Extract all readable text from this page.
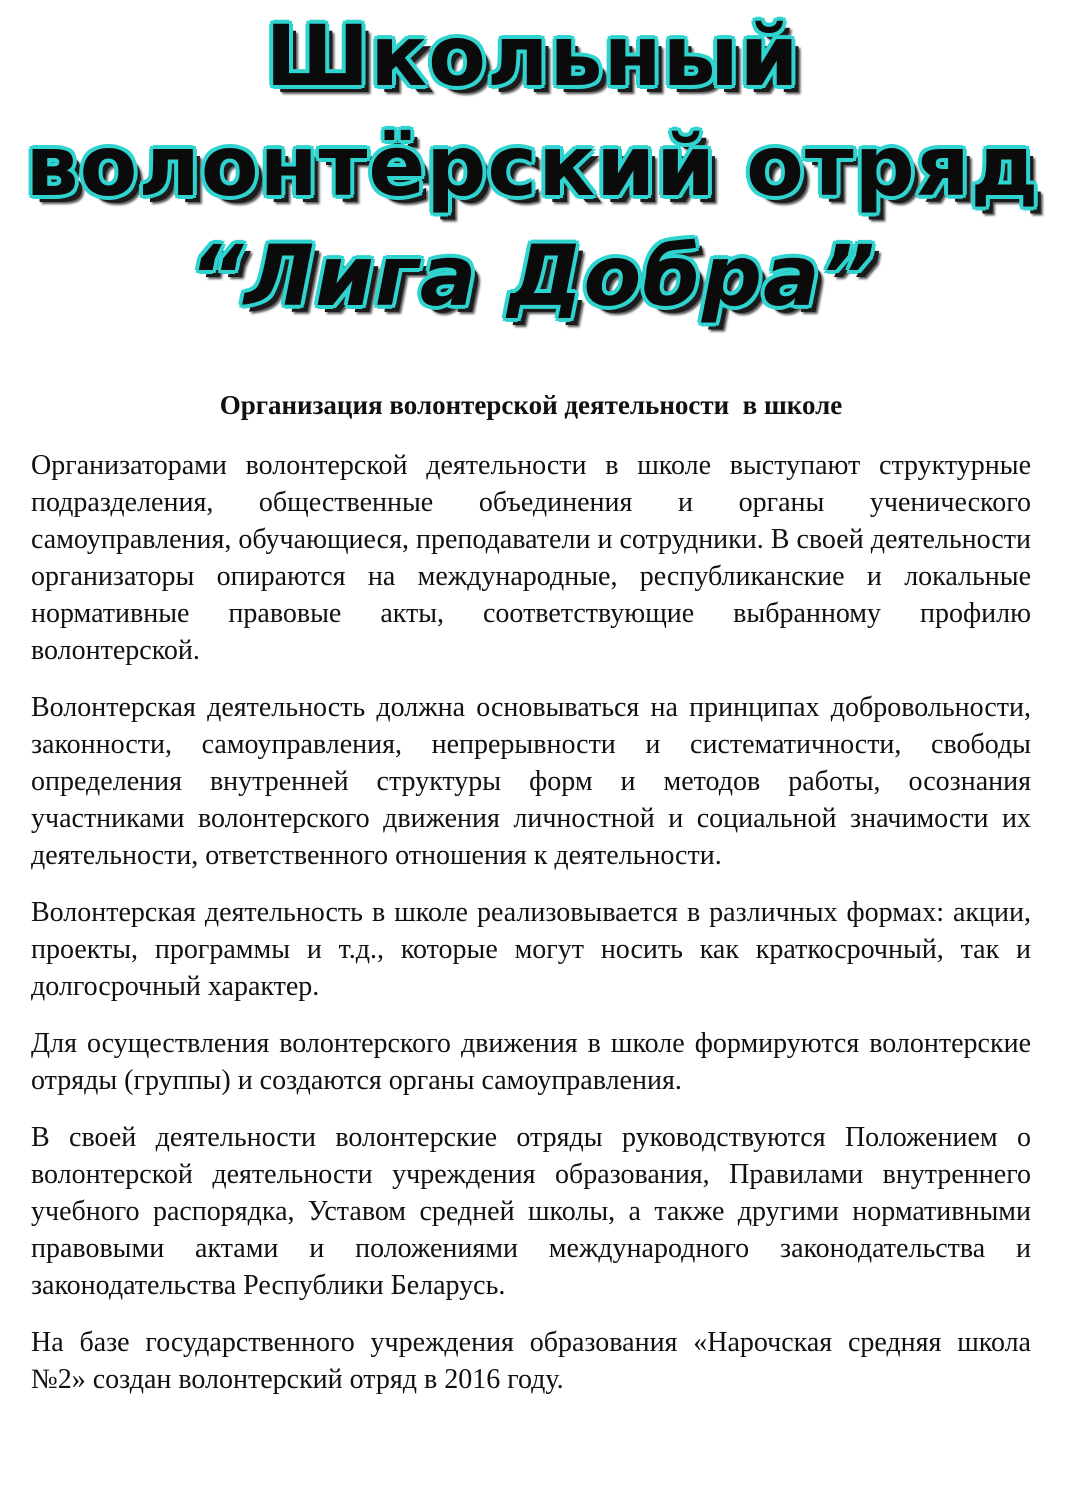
Школьный
волонтёрский отряд
“Лига Добра”
Организация волонтерской деятельности  в школе

Организаторами волонтерской деятельности в школе выступают структурные подразделения, общественные объединения и органы ученического самоуправления, обучающиеся, преподаватели и сотрудники. В своей деятельности организаторы опираются на международные, республиканские и локальные нормативные правовые акты, соответствующие выбранному профилю волонтерской.

Волонтерская деятельность должна основываться на принципах добровольности, законности, самоуправления, непрерывности и систематичности, свободы определения внутренней структуры форм и методов работы, осознания участниками волонтерского движения личностной и социальной значимости их деятельности, ответственного отношения к деятельности.

Волонтерская деятельность в школе реализовывается в различных формах: акции, проекты, программы и т.д., которые могут носить как краткосрочный, так и долгосрочный характер.

Для осуществления волонтерского движения в школе формируются волонтерские отряды (группы) и создаются органы самоуправления.

В своей деятельности волонтерские отряды руководствуются Положением о волонтерской деятельности учреждения образования, Правилами внутреннего учебного распорядка, Уставом средней школы, а также другими нормативными правовыми актами и положениями международного законодательства и законодательства Республики Беларусь.

На базе государственного учреждения образования «Нарочская средняя школа №2» создан волонтерский отряд в 2016 году.
